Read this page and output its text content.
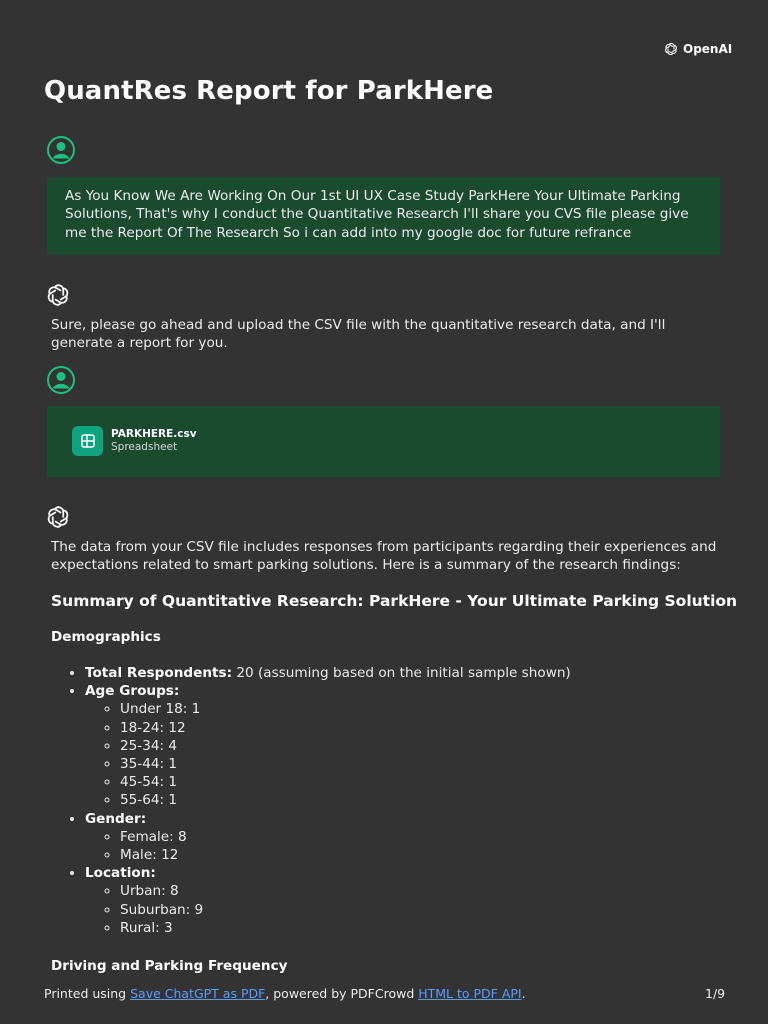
OpenAI
QuantRes Report for ParkHere
As You Know We Are Working On Our 1st UI UX Case Study ParkHere Your Ultimate Parking Solutions, That's why I conduct the Quantitative Research I'll share you CVS file please give me the Report Of The Research So i can add into my google doc for future refrance
Sure, please go ahead and upload the CSV file with the quantitative research data, and I'll generate a report for you.
PARKHERE.csv
Spreadsheet
The data from your CSV file includes responses from participants regarding their experiences and expectations related to smart parking solutions. Here is a summary of the research findings:
Summary of Quantitative Research: ParkHere - Your Ultimate Parking Solution
Demographics
• Total Respondents: 20 (assuming based on the initial sample shown)
• Age Groups:
◦ Under 18: 1
◦ 18-24: 12
◦ 25-34: 4
◦ 35-44: 1
◦ 45-54: 1
◦ 55-64: 1
• Gender:
◦ Female: 8
◦ Male: 12
• Location:
◦ Urban: 8
◦ Suburban: 9
◦ Rural: 3
Driving and Parking Frequency
Printed using Save ChatGPT as PDF, powered by PDFCrowd HTML to PDF API.	1/9
